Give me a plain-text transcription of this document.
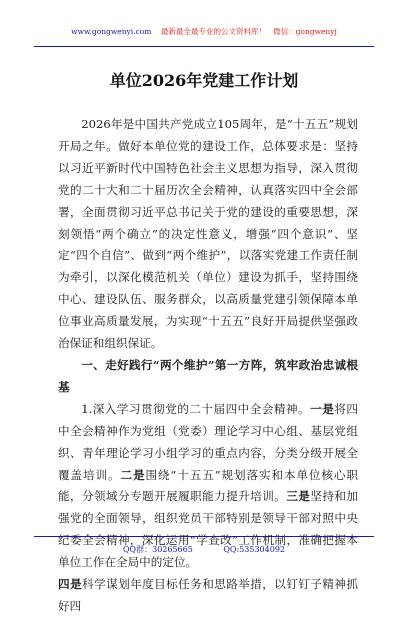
www.gongwenyi.com 最新最全最专业的公文资料库！ 微信：gongwenyj
单位2026年党建工作计划

2026年是中国共产党成立105周年，是“十五五”规划开局之年。做好本单位党的建设工作，总体要求是：坚持以习近平新时代中国特色社会主义思想为指导，深入贯彻党的二十大和二十届历次全会精神，认真落实四中全会部署，全面贯彻习近平总书记关于党的建设的重要思想，深刻领悟“两个确立”的决定性意义，增强“四个意识”、坚定“四个自信”、做到“两个维护”，以落实党建工作责任制为牵引，以深化模范机关（单位）建设为抓手，坚持围绕中心、建设队伍、服务群众，以高质量党建引领保障本单位事业高质量发展，为实现“十五五”良好开局提供坚强政治保证和组织保证。

一、走好践行“两个维护”第一方阵，筑牢政治忠诚根基

1.深入学习贯彻党的二十届四中全会精神。一是将四中全会精神作为党组（党委）理论学习中心组、基层党组织、青年理论学习小组学习的重点内容，分类分级开展全覆盖培训。二是围绕“十五五”规划落实和本单位核心职能，分领域分专题开展履职能力提升培训。三是坚持和加强党的全面领导，组织党员干部特别是领导干部对照中央纪委全会精神，深化运用“学查改”工作机制，准确把握本单位工作在全局中的定位。

四是科学谋划年度目标任务和思路举措，以钉钉子精神抓好四

QQ群：30265665	QQ:535304092
